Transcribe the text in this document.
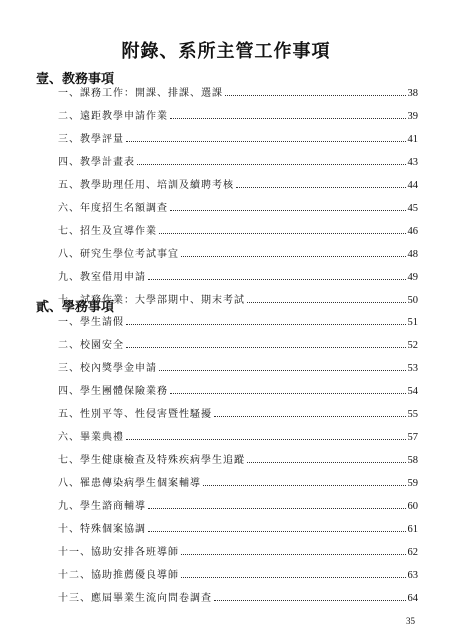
附錄、系所主管工作事項
壹、教務事項
一、課務工作：開課、排課、選課	38
二、遠距教學申請作業	39
三、教學評量	41
四、教學計畫表	43
五、教學助理任用、培訓及續聘考核	44
六、年度招生名額調查	45
七、招生及宣導作業	46
八、研究生學位考試事宜	48
九、教室借用申請	49
十、試務作業：大學部期中、期末考試	50
貳、學務事項
一、學生請假	51
二、校園安全	52
三、校內獎學金申請	53
四、學生團體保險業務	54
五、性別平等、性侵害暨性騷擾	55
六、畢業典禮	57
七、學生健康檢查及特殊疾病學生追蹤	58
八、罹患傳染病學生個案輔導	59
九、學生諮商輔導	60
十、特殊個案協調	61
十一、協助安排各班導師	62
十二、協助推薦優良導師	63
十三、應屆畢業生流向問卷調查	64
35
